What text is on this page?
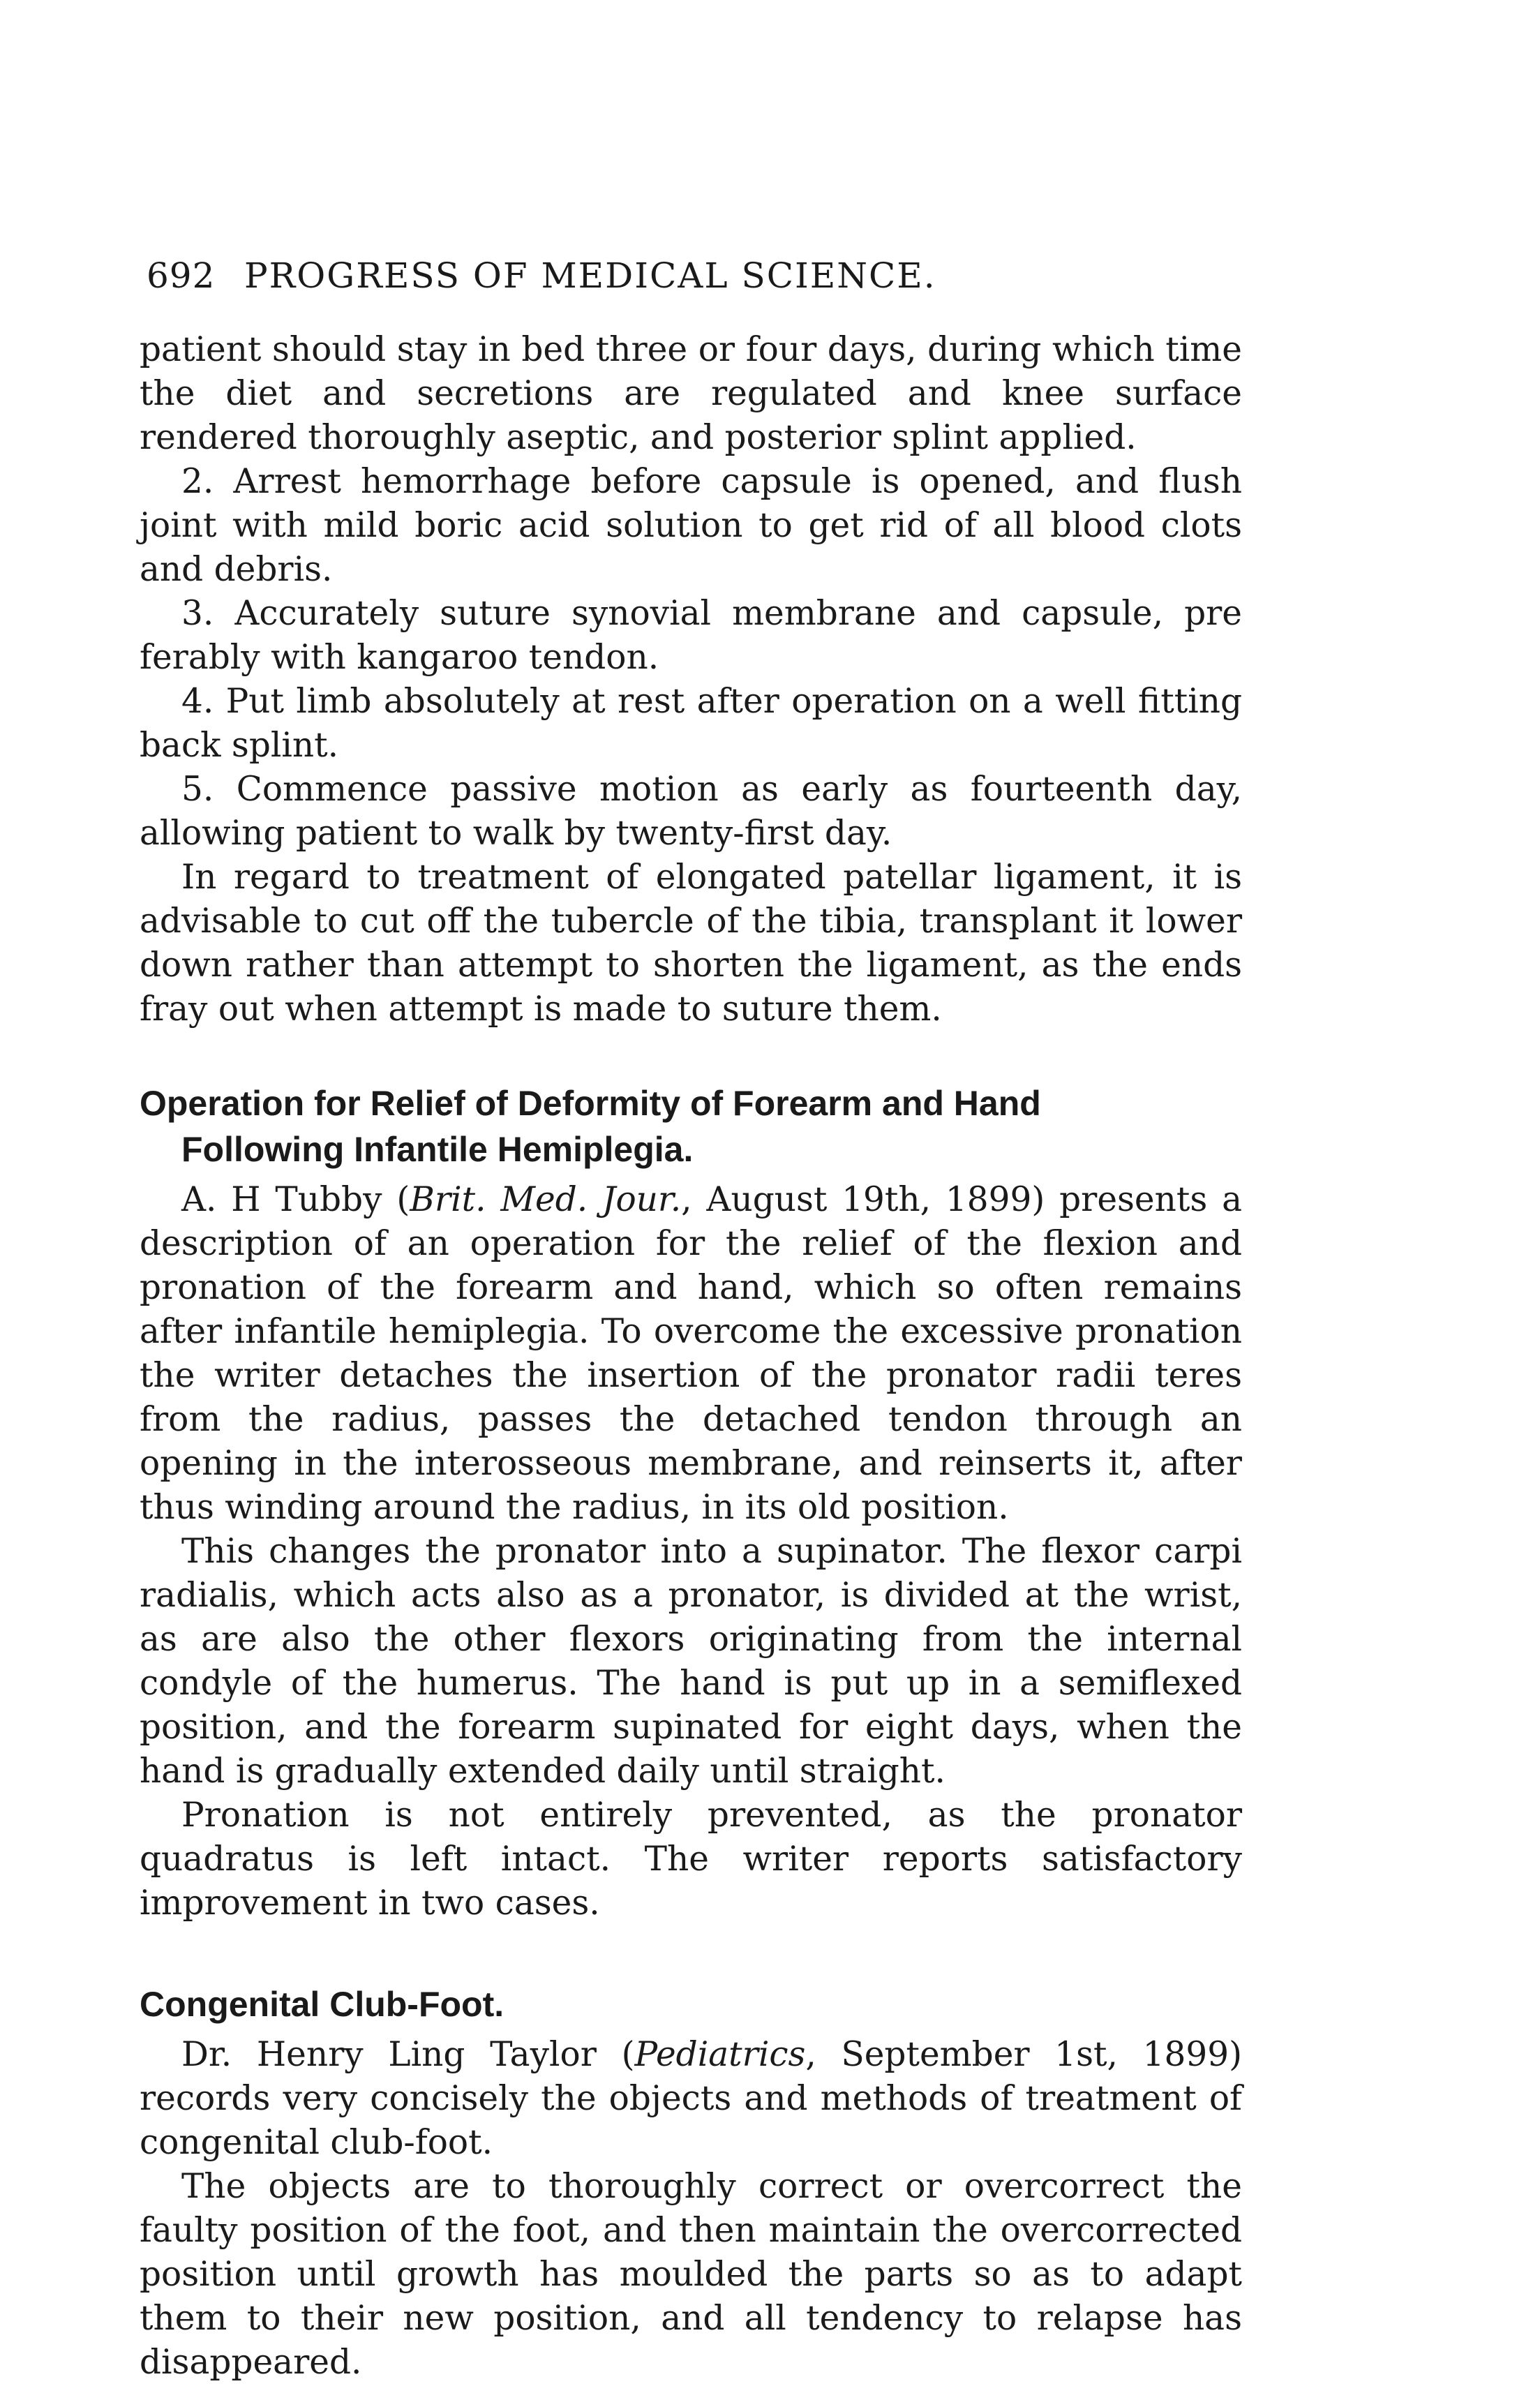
692 PROGRESS OF MEDICAL SCIENCE.

patient should stay in bed three or four days, during which time the diet and secretions are regulated and knee surface rendered thoroughly aseptic, and posterior splint applied.

2. Arrest hemorrhage before capsule is opened, and flush joint with mild boric acid solution to get rid of all blood clots and debris.

3. Accurately suture synovial membrane and capsule, pre ferably with kangaroo tendon.

4. Put limb absolutely at rest after operation on a well fitting back splint.

5. Commence passive motion as early as fourteenth day, allowing patient to walk by twenty-first day.

In regard to treatment of elongated patellar ligament, it is advisable to cut off the tubercle of the tibia, transplant it lower down rather than attempt to shorten the ligament, as the ends fray out when attempt is made to suture them.

Operation for Relief of Deformity of Forearm and Hand
Following Infantile Hemiplegia.

A. H Tubby (Brit. Med. Jour., August 19th, 1899) presents a description of an operation for the relief of the flexion and pronation of the forearm and hand, which so often remains after infantile hemiplegia. To overcome the excessive pronation the writer detaches the insertion of the pronator radii teres from the radius, passes the detached tendon through an opening in the interosseous membrane, and reinserts it, after thus winding around the radius, in its old position.

This changes the pronator into a supinator. The flexor carpi radialis, which acts also as a pronator, is divided at the wrist, as are also the other flexors originating from the internal condyle of the humerus. The hand is put up in a semiflexed position, and the forearm supinated for eight days, when the hand is gradually extended daily until straight.

Pronation is not entirely prevented, as the pronator quadratus is left intact. The writer reports satisfactory improvement in two cases.

Congenital Club-Foot.

Dr. Henry Ling Taylor (Pediatrics, September 1st, 1899) records very concisely the objects and methods of treatment of congenital club-foot.

The objects are to thoroughly correct or overcorrect the faulty position of the foot, and then maintain the overcorrected position until growth has moulded the parts so as to adapt them to their new position, and all tendency to relapse has disappeared.
